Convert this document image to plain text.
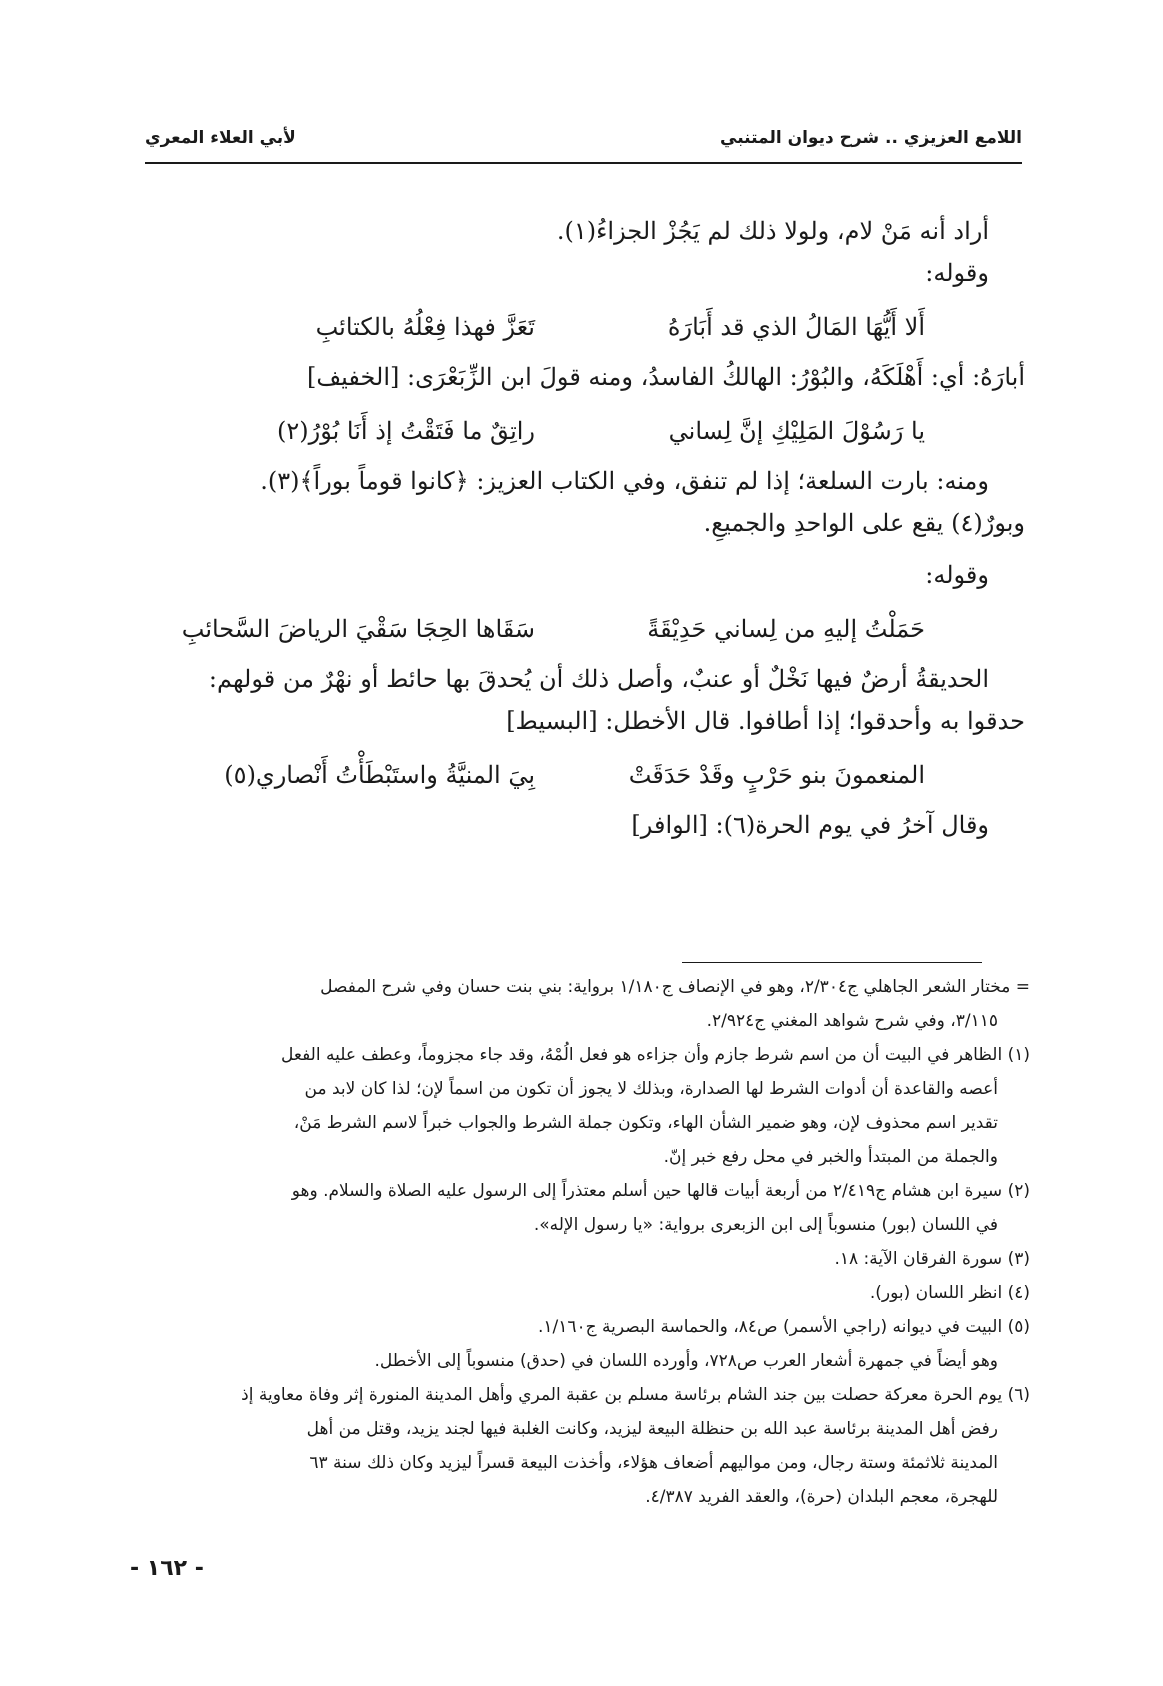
اللامع العزيزي .. شرح ديوان المتنبي
لأبي العلاء المعري

أراد أنه مَنْ لام، ولولا ذلك لم يَجُزْ الجزاءُ(١).

وقوله:

أَلا أَيُّهَا المَالُ الذي قد أَبَارَهُ
تَعَزَّ فهذا فِعْلُهُ بالكتائبِ

أبارَهُ: أي: أَهْلَكَهُ، والبُوْرُ: الهالكُ الفاسدُ، ومنه قولَ ابن الزِّبَعْرَى: [الخفيف]

يا رَسُوْلَ المَلِيْكِ إنَّ لِساني
راتِقٌ ما فَتَقْتُ إذ أَنَا بُوْرُ(٢)

ومنه: بارت السلعة؛ إذا لم تنفق، وفي الكتاب العزيز: ﴿كانوا قوماً بوراً﴾(٣).

وبورٌ(٤) يقع على الواحدِ والجميعِ.

وقوله:

حَمَلْتُ إليهِ من لِساني حَدِيْقَةً
سَقَاها الحِجَا سَقْيَ الرياضَ السَّحائبِ

الحديقةُ أرضٌ فيها نَخْلٌ أو عنبٌ، وأصل ذلك أن يُحدقَ بها حائط أو نهْرٌ من قولهم:

حدقوا به وأحدقوا؛ إذا أطافوا. قال الأخطل: [البسيط]

المنعمونَ بنو حَرْبٍ وقَدْ حَدَقَتْ
بِيَ المنيَّةُ واستَبْطَأْتُ أَنْصاري(٥)

وقال آخرُ في يوم الحرة(٦): [الوافر]

= مختار الشعر الجاهلي ج٢/٣٠٤، وهو في الإنصاف ج١/١٨٠ برواية: بني بنت حسان وفي شرح المفصل

٣/١١٥، وفي شرح شواهد المغني ج٢/٩٢٤.

(١) الظاهر في البيت أن من اسم شرط جازم وأن جزاءه هو فعل الُمْهُ، وقد جاء مجزوماً، وعطف عليه الفعل

أعصه والقاعدة أن أدوات الشرط لها الصدارة، وبذلك لا يجوز أن تكون من اسماً لإن؛ لذا كان لابد من

تقدير اسم محذوف لإن، وهو ضمير الشأن الهاء، وتكون جملة الشرط والجواب خبراً لاسم الشرط مَنْ،

والجملة من المبتدأ والخبر في محل رفع خبر إنّ.

(٢) سيرة ابن هشام ج٢/٤١٩ من أربعة أبيات قالها حين أسلم معتذراً إلى الرسول عليه الصلاة والسلام. وهو

في اللسان (بور) منسوباً إلى ابن الزبعرى برواية: «يا رسول الإله».

(٣) سورة الفرقان الآية: ١٨.

(٤) انظر اللسان (بور).

(٥) البيت في ديوانه (راجي الأسمر) ص٨٤، والحماسة البصرية ج١/١٦٠.

وهو أيضاً في جمهرة أشعار العرب ص٧٢٨، وأورده اللسان في (حدق) منسوباً إلى الأخطل.

(٦) يوم الحرة معركة حصلت بين جند الشام برئاسة مسلم بن عقبة المري وأهل المدينة المنورة إثر وفاة معاوية إذ

رفض أهل المدينة برئاسة عبد الله بن حنظلة البيعة ليزيد، وكانت الغلبة فيها لجند يزيد، وقتل من أهل

المدينة ثلاثمئة وستة رجال، ومن مواليهم أضعاف هؤلاء، وأخذت البيعة قسراً ليزيد وكان ذلك سنة ٦٣

للهجرة، معجم البلدان (حرة)، والعقد الفريد ٤/٣٨٧.

- ١٦٢ -
